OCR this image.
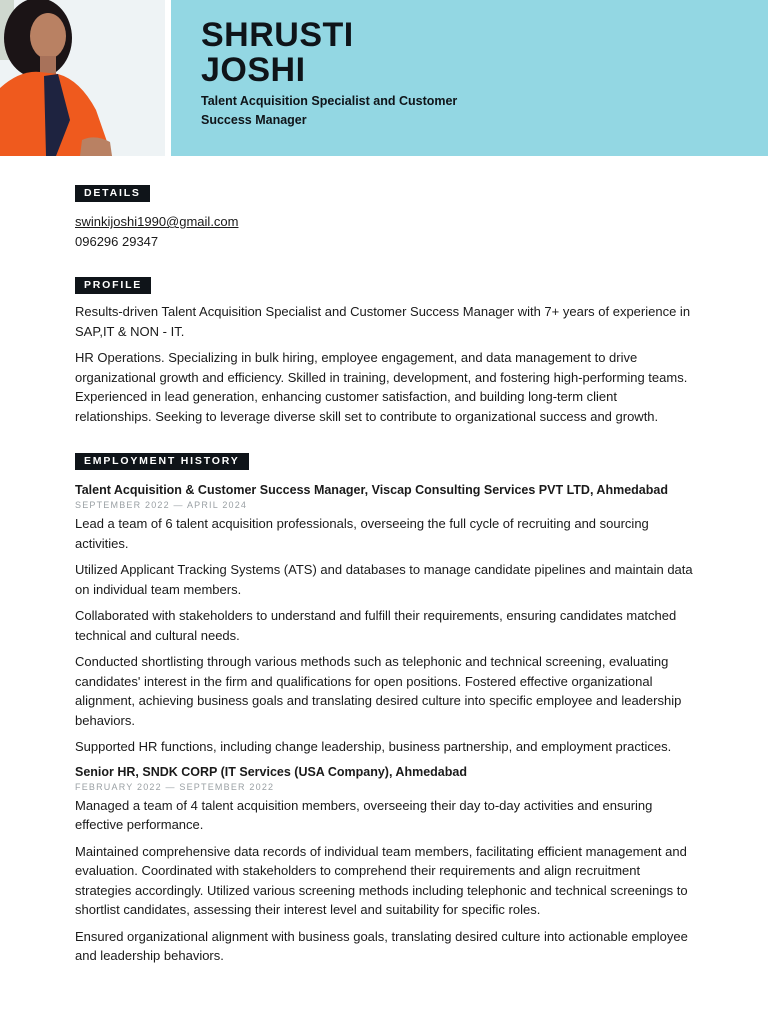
SHRUSTI
JOSHI
Talent Acquisition Specialist and Customer Success Manager
DETAILS
swinkijoshi1990@gmail.com
096296 29347
PROFILE

Results-driven Talent Acquisition Specialist and Customer Success Manager with 7+ years of experience in SAP,IT & NON - IT.

HR Operations. Specializing in bulk hiring, employee engagement, and data management to drive organizational growth and efficiency. Skilled in training, development, and fostering high-performing teams. Experienced in lead generation, enhancing customer satisfaction, and building long-term client relationships. Seeking to leverage diverse skill set to contribute to organizational success and growth.

EMPLOYMENT HISTORY
Talent Acquisition & Customer Success Manager, Viscap Consulting Services PVT LTD, Ahmedabad
SEPTEMBER 2022 — APRIL 2024

Lead a team of 6 talent acquisition professionals, overseeing the full cycle of recruiting and sourcing activities.

Utilized Applicant Tracking Systems (ATS) and databases to manage candidate pipelines and maintain data on individual team members.

Collaborated with stakeholders to understand and fulfill their requirements, ensuring candidates matched technical and cultural needs.

Conducted shortlisting through various methods such as telephonic and technical screening, evaluating candidates' interest in the firm and qualifications for open positions. Fostered effective organizational alignment, achieving business goals and translating desired culture into specific employee and leadership behaviors.

Supported HR functions, including change leadership, business partnership, and employment practices.

Senior HR, SNDK CORP (IT Services (USA Company), Ahmedabad
FEBRUARY 2022 — SEPTEMBER 2022

Managed a team of 4 talent acquisition members, overseeing their day to-day activities and ensuring effective performance.

Maintained comprehensive data records of individual team members, facilitating efficient management and evaluation. Coordinated with stakeholders to comprehend their requirements and align recruitment strategies accordingly. Utilized various screening methods including telephonic and technical screenings to shortlist candidates, assessing their interest level and suitability for specific roles.

Ensured organizational alignment with business goals, translating desired culture into actionable employee and leadership behaviors.
